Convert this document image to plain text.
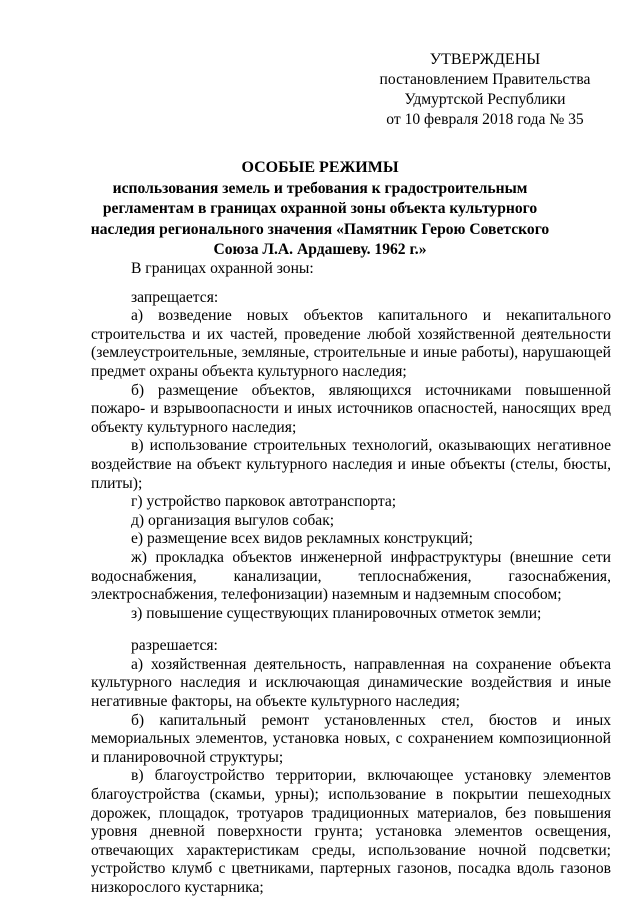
УТВЕРЖДЕНЫ
постановлением Правительства
Удмуртской Республики
от 10 февраля 2018 года № 35
ОСОБЫЕ РЕЖИМЫ
использования земель и требования к градостроительным регламентам в границах охранной зоны объекта культурного наследия регионального значения «Памятник Герою Советского Союза Л.А. Ардашеву. 1962 г.»

В границах охранной зоны:

запрещается:

а) возведение новых объектов капитального и некапитального строительства и их частей, проведение любой хозяйственной деятельности (землеустроительные, земляные, строительные и иные работы), нарушающей предмет охраны объекта культурного наследия;

б) размещение объектов, являющихся источниками повышенной пожаро- и взрывоопасности и иных источников опасностей, наносящих вред объекту культурного наследия;

в) использование строительных технологий, оказывающих негативное воздействие на объект культурного наследия и иные объекты (стелы, бюсты, плиты);

г) устройство парковок автотранспорта;

д) организация выгулов собак;

е) размещение всех видов рекламных конструкций;

ж) прокладка объектов инженерной инфраструктуры (внешние сети водоснабжения, канализации, теплоснабжения, газоснабжения, электроснабжения, телефонизации) наземным и надземным способом;

з) повышение существующих планировочных отметок земли;

разрешается:

а) хозяйственная деятельность, направленная на сохранение объекта культурного наследия и исключающая динамические воздействия и иные негативные факторы, на объекте культурного наследия;

б) капитальный ремонт установленных стел, бюстов и иных мемориальных элементов, установка новых, с сохранением композиционной и планировочной структуры;

в) благоустройство территории, включающее установку элементов благоустройства (скамьи, урны); использование в покрытии пешеходных дорожек, площадок, тротуаров традиционных материалов, без повышения уровня дневной поверхности грунта; установка элементов освещения, отвечающих характеристикам среды, использование ночной подсветки; устройство клумб с цветниками, партерных газонов, посадка вдоль газонов низкорослого кустарника;
